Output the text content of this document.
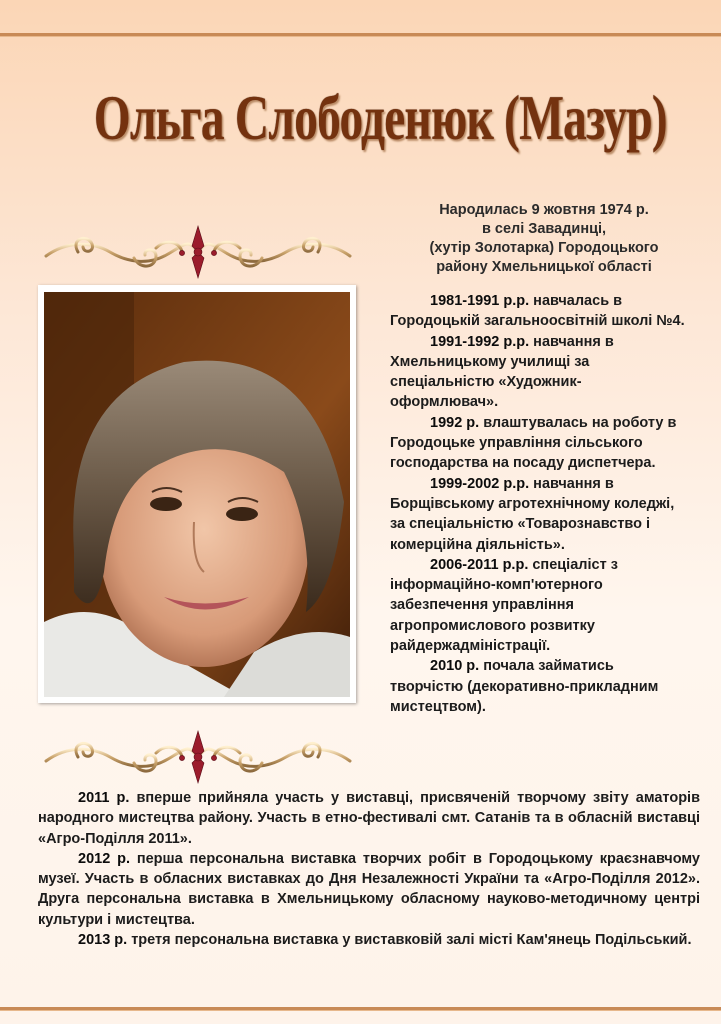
Ольга Слободенюк (Мазур)
Народилась 9 жовтня 1974 р.
в селі Завадинці,
(хутір Золотарка) Городоцького
району Хмельницької області

1981-1991 р.р. навчалась в Городоцькій загальноосвітній школі №4.

1991-1992 р.р. навчання в Хмельницькому училищі за спеціальністю «Художник-оформлювач».

1992 р. влаштувалась на роботу в Городоцьке управління сільського господарства на посаду диспетчера.

1999-2002 р.р. навчання в Борщівському агротехнічному коледжі, за спеціальністю «Товарознавство і комерційна діяльність».

2006-2011 р.р. спеціаліст з інформаційно-комп'ютерного забезпечення управління агропромислового розвитку райдержадміністрації.

2010 р. почала займатись творчістю (декоративно-прикладним мистецтвом).

2011 р. вперше прийняла участь у виставці, присвяченій творчому звіту аматорів народного мистецтва району. Участь в етно-фестивалі смт. Сатанів та в обласній виставці «Агро-Поділля 2011».

2012 р. перша персональна виставка творчих робіт в Городоцькому краєзнавчому музеї. Участь в обласних виставках до Дня Незалежності України та «Агро-Поділля 2012». Друга персональна виставка в Хмельницькому обласному науково-методичному центрі культури і мистецтва.

2013 р. третя персональна виставка у виставковій залі місті Кам'янець Подільський.
